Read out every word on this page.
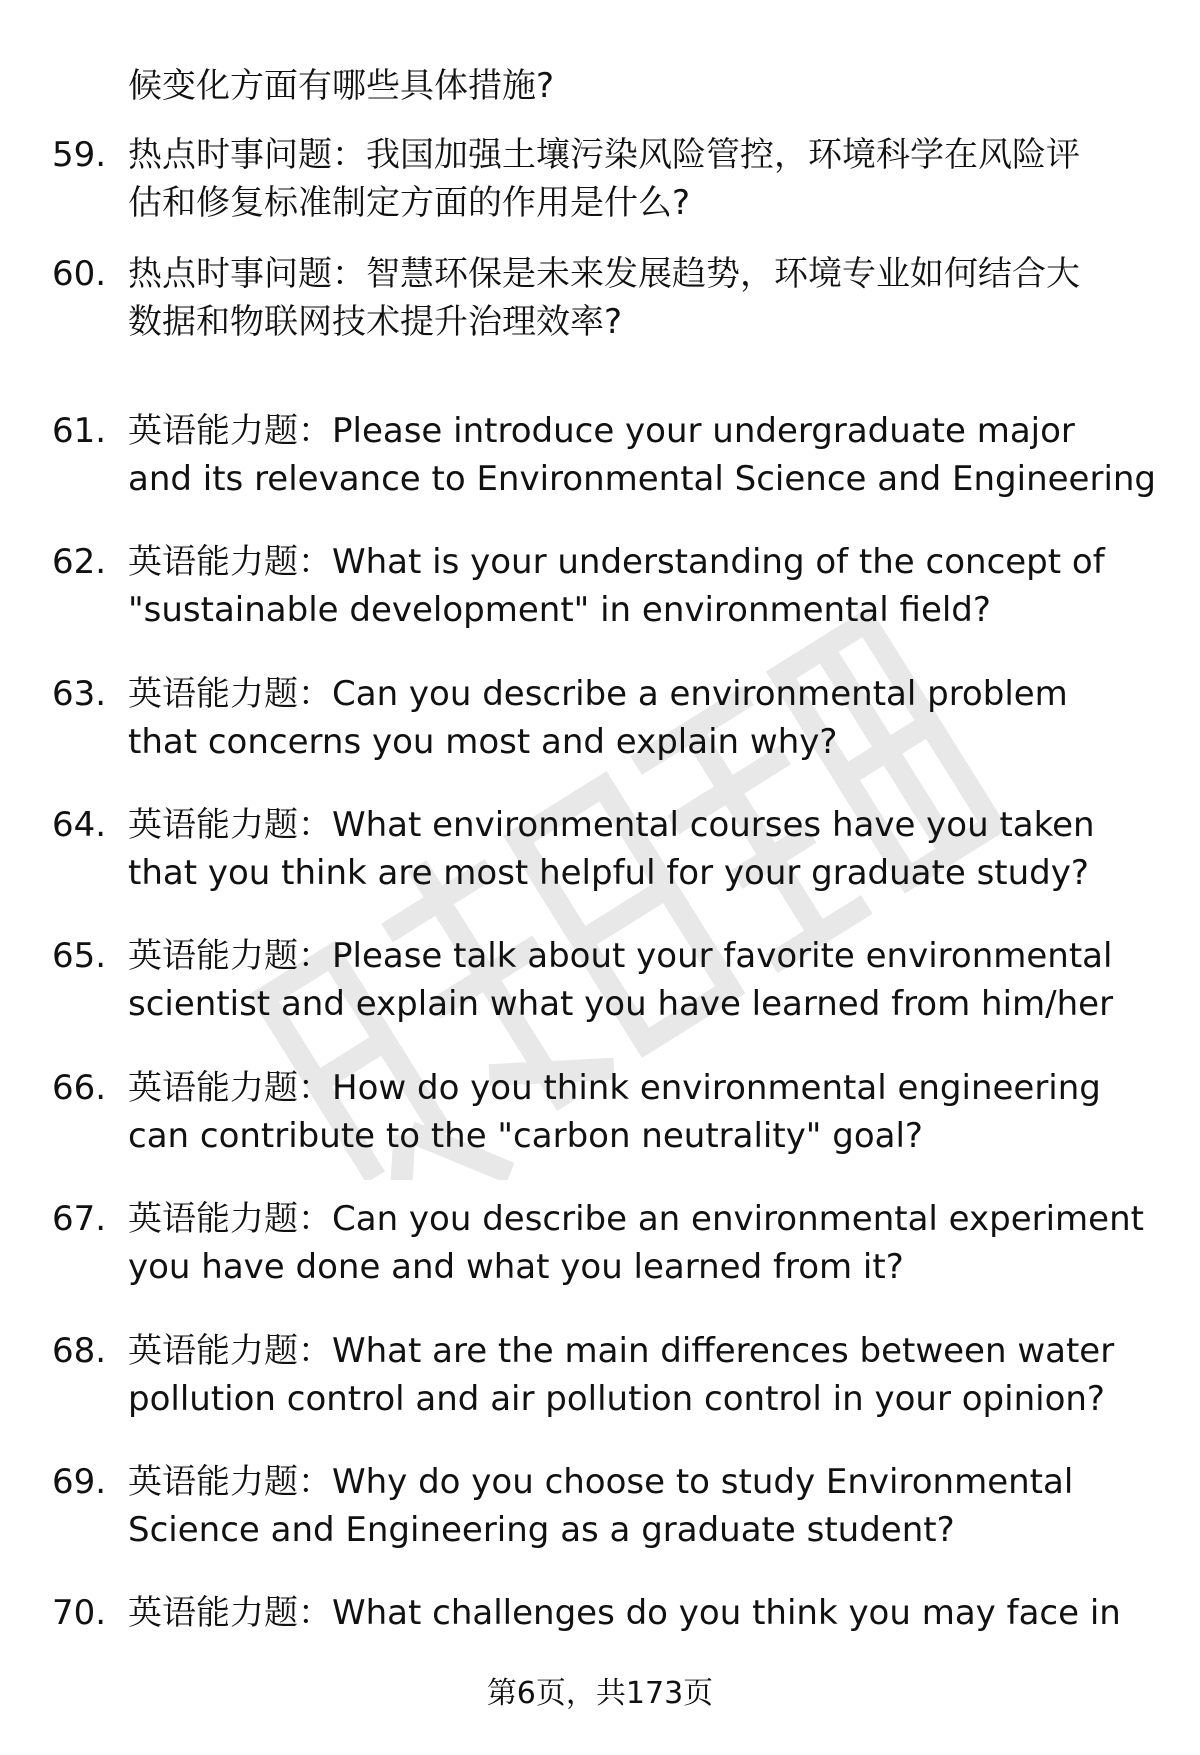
候变化方面有哪些具体措施?
59. 热点时事问题：我国加强土壤污染风险管控，环境科学在风险评
估和修复标准制定方面的作用是什么?
60. 热点时事问题：智慧环保是未来发展趋势，环境专业如何结合大
数据和物联网技术提升治理效率?
61. 英语能力题：Please introduce your undergraduate major
and its relevance to Environmental Science and Engineering
62. 英语能力题：What is your understanding of the concept of
"sustainable development" in environmental field?
63. 英语能力题：Can you describe a environmental problem
that concerns you most and explain why?
64. 英语能力题：What environmental courses have you taken
that you think are most helpful for your graduate study?
65. 英语能力题：Please talk about your favorite environmental
scientist and explain what you have learned from him/her
66. 英语能力题：How do you think environmental engineering
can contribute to the "carbon neutrality" goal?
67. 英语能力题：Can you describe an environmental experiment
you have done and what you learned from it?
68. 英语能力题：What are the main differences between water
pollution control and air pollution control in your opinion?
69. 英语能力题：Why do you choose to study Environmental
Science and Engineering as a graduate student?
70. 英语能力题：What challenges do you think you may face in
第6页，共173页
